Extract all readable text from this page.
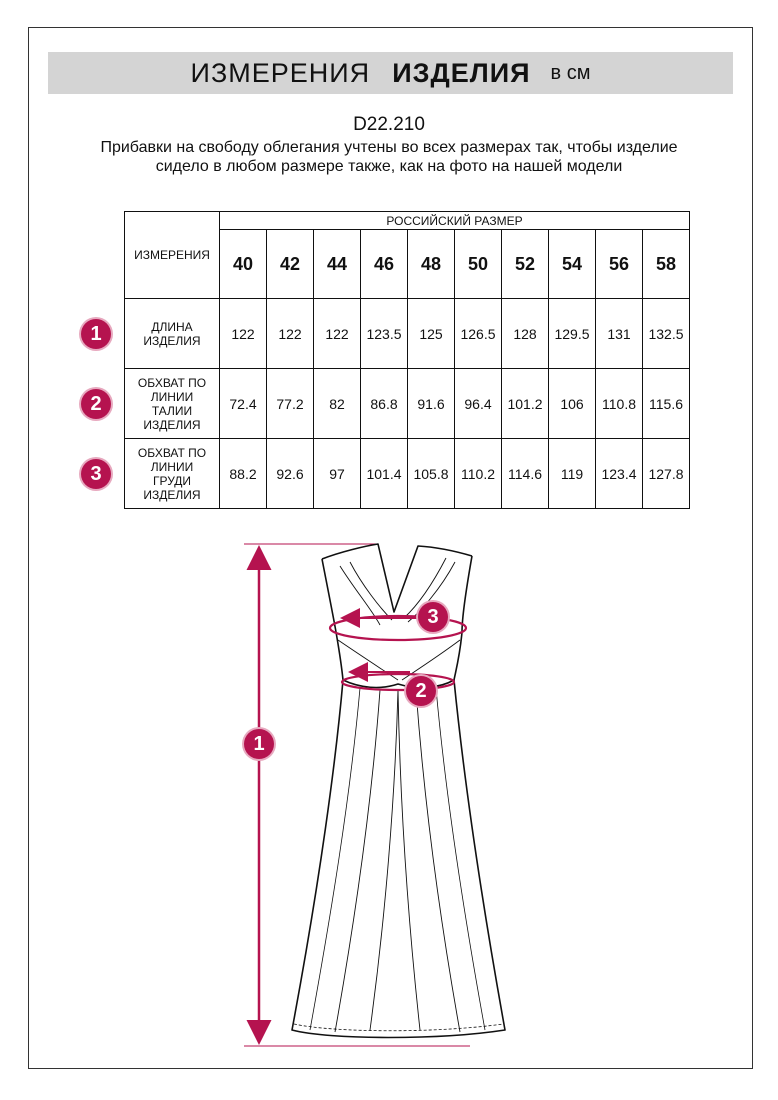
ИЗМЕРЕНИЯ ИЗДЕЛИЯ в см
D22.210
Прибавки на свободу облегания учтены во всех размерах так, чтобы изделие сидело в любом размере также, как на фото на нашей модели
ИЗМЕРЕНИЯ	РОССИЙСКИЙ РАЗМЕР									
	40	42	44	46	48	50	52	54	56	58
ДЛИНА ИЗДЕЛИЯ	122	122	122	123.5	125	126.5	128	129.5	131	132.5
ОБХВАТ ПО ЛИНИИ ТАЛИИ ИЗДЕЛИЯ	72.4	77.2	82	86.8	91.6	96.4	101.2	106	110.8	115.6
ОБХВАТ ПО ЛИНИИ ГРУДИ ИЗДЕЛИЯ	88.2	92.6	97	101.4	105.8	110.2	114.6	119	123.4	127.8
1
2
3
1
3
2
